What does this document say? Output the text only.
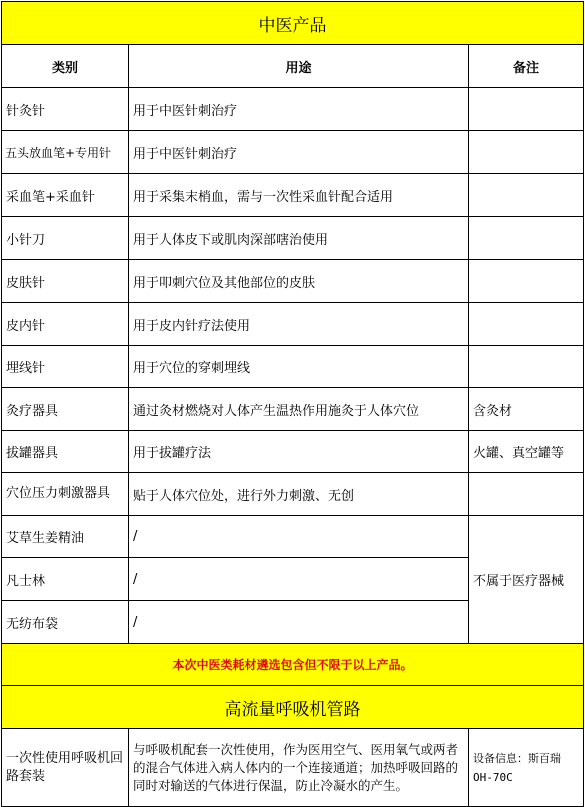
中医产品		
类别	用途	备注
针灸针	用于中医针刺治疗	
五头放血笔+专用针	用于中医针刺治疗	
采血笔+采血针	用于采集末梢血，需与一次性采血针配合适用	
小针刀	用于人体皮下或肌肉深部嗐治使用	
皮肤针	用于叩刺穴位及其他部位的皮肤	
皮内针	用于皮内针疗法使用	
埋线针	用于穴位的穿刺埋线	
灸疗器具	通过灸材燃烧对人体产生温热作用施灸于人体穴位	含灸材
拔罐器具	用于拔罐疗法	火罐、真空罐等
穴位压力刺激器具	贴于人体穴位处，进行外力刺激、无创	
艾草生姜精油	/	不属于医疗器械
凡士林	/	
无纺布袋	/	
本次中医类耗材遴选包含但不限于以上产品。		
高流量呼吸机管路		
一次性使用呼吸机回路套装	与呼吸机配套一次性使用，作为医用空气、医用氧气或两者的混合气体进入病人体内的一个连接通道；加热呼吸回路的同时对输送的气体进行保温，防止冷凝水的产生。	设备信息：斯百瑞OH-70C
